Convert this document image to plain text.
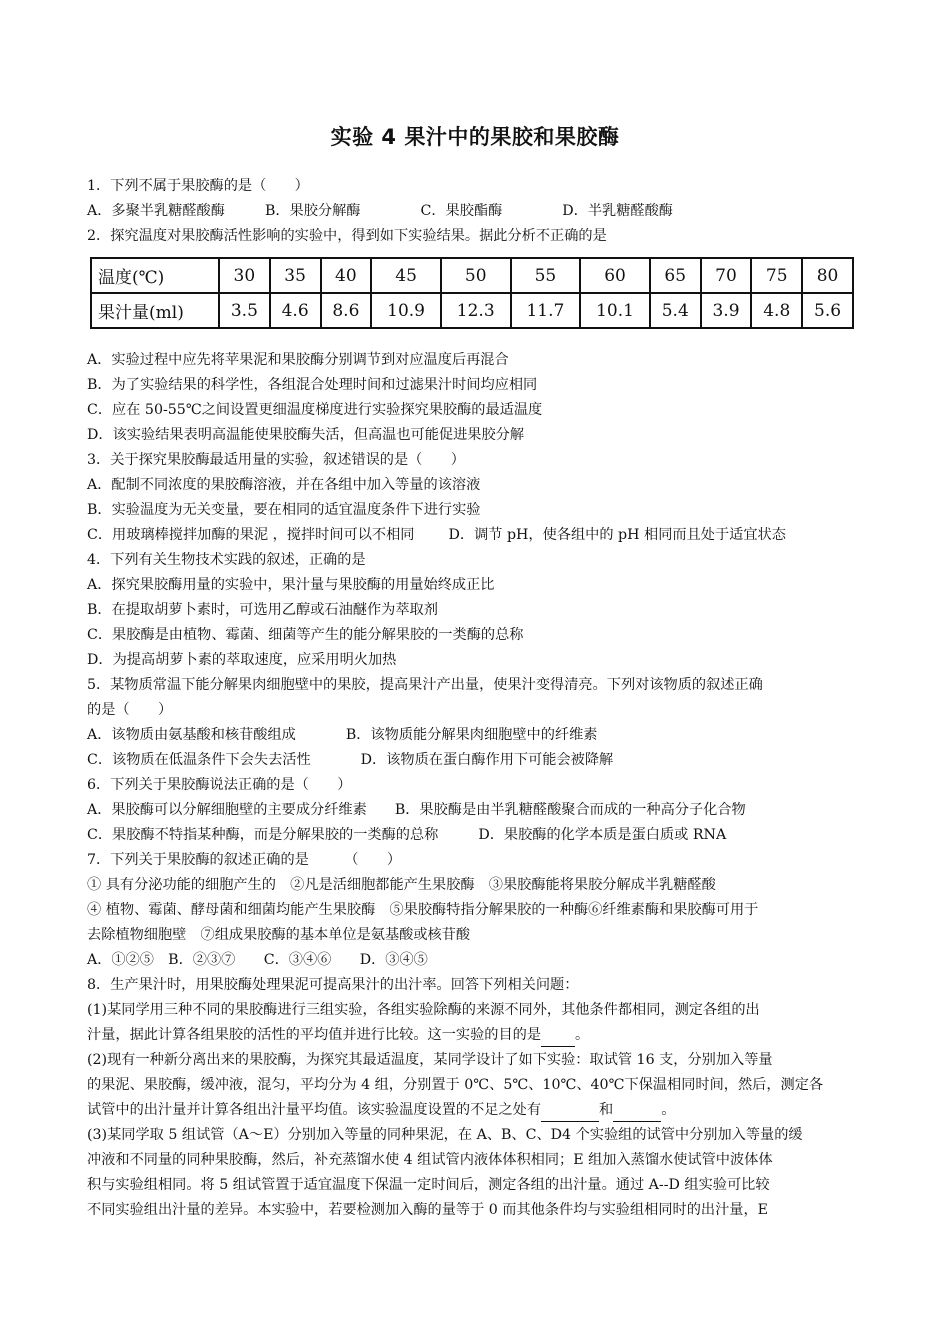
实验 4 果汁中的果胶和果胶酶
1．下列不属于果胶酶的是（　　）
A．多聚半乳糖醛酸酶	B．果胶分解酶	C．果胶酯酶	D．半乳糖醛酸酶
2．探究温度对果胶酶活性影响的实验中，得到如下实验结果。据此分析不正确的是
温度(℃)	30	35	40	45	50	55	60	65	70	75	80
果汁量(ml)	3.5	4.6	8.6	10.9	12.3	11.7	10.1	5.4	3.9	4.8	5.6
A．实验过程中应先将苹果泥和果胶酶分别调节到对应温度后再混合
B．为了实验结果的科学性，各组混合处理时间和过滤果汁时间均应相同
C．应在 50-55℃之间设置更细温度梯度进行实验探究果胶酶的最适温度
D．该实验结果表明高温能使果胶酶失活，但高温也可能促进果胶分解
3．关于探究果胶酶最适用量的实验，叙述错误的是（　　）
A．配制不同浓度的果胶酶溶液，并在各组中加入等量的该溶液
B．实验温度为无关变量，要在相同的适宜温度条件下进行实验
C．用玻璃棒搅拌加酶的果泥 ，搅拌时间可以不相同 D．调节 pH，使各组中的 pH 相同而且处于适宜状态
4．下列有关生物技术实践的叙述，正确的是
A．探究果胶酶用量的实验中，果汁量与果胶酶的用量始终成正比
B．在提取胡萝卜素时，可选用乙醇或石油醚作为萃取剂
C．果胶酶是由植物、霉菌、细菌等产生的能分解果胶的一类酶的总称
D．为提高胡萝卜素的萃取速度，应采用明火加热
5．某物质常温下能分解果肉细胞壁中的果胶，提高果汁产出量，使果汁变得清亮。下列对该物质的叙述正确
的是（　　）
A．该物质由氨基酸和核苷酸组成	B．该物质能分解果肉细胞壁中的纤维素
C．该物质在低温条件下会失去活性	D．该物质在蛋白酶作用下可能会被降解
6．下列关于果胶酶说法正确的是（　　）
A．果胶酶可以分解细胞壁的主要成分纤维素 B．果胶酶是由半乳糖醛酸聚合而成的一种高分子化合物
C．果胶酶不特指某种酶，而是分解果胶的一类酶的总称	D．果胶酶的化学本质是蛋白质或 RNA
7．下列关于果胶酶的叙述正确的是　　　（　　）
① 具有分泌功能的细胞产生的　②凡是活细胞都能产生果胶酶　③果胶酶能将果胶分解成半乳糖醛酸
④ 植物、霉菌、酵母菌和细菌均能产生果胶酶　⑤果胶酶特指分解果胶的一种酶⑥纤维素酶和果胶酶可用于
去除植物细胞壁　⑦组成果胶酶的基本单位是氨基酸或核苷酸
A．①②⑤　B．②③⑦　　C．③④⑥　　D．③④⑤
8．生产果汁时，用果胶酶处理果泥可提高果汁的出汁率。回答下列相关问题：
(1)某同学用三种不同的果胶酶进行三组实验，各组实验除酶的来源不同外，其他条件都相同，测定各组的出
汁量，据此计算各组果胶的活性的平均值并进行比较。这一实验的目的是 。
(2)现有一种新分离出来的果胶酶，为探究其最适温度，某同学设计了如下实验：取试管 16 支，分别加入等量
的果泥、果胶酶，缓冲液，混匀，平均分为 4 组，分别置于 0℃、5℃、10℃、40℃下保温相同时间，然后，测定各
试管中的出汁量并计算各组出汁量平均值。该实验温度设置的不足之处有	和	。
(3)某同学取 5 组试管（A～E）分别加入等量的同种果泥，在 A、B、C、D4 个实验组的试管中分别加入等量的缓
冲液和不同量的同种果胶酶，然后，补充蒸馏水使 4 组试管内液体体积相同；E 组加入蒸馏水使试管中波体体
积与实验组相同。将 5 组试管置于适宜温度下保温一定时间后，测定各组的出汁量。通过 A--D 组实验可比较
不同实验组出汁量的差异。本实验中，若要检测加入酶的量等于 0 而其他条件均与实验组相同时的出汁量，E
